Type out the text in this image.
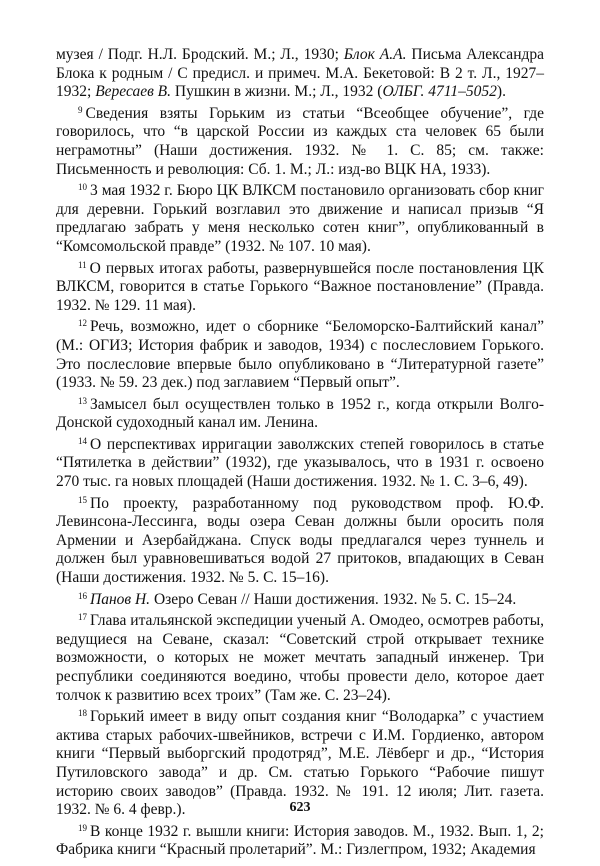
музея / Подг. Н.Л. Бродский. М.; Л., 1930; Блок А.А. Письма Александра Блока к родным / С предисл. и примеч. М.А. Бекетовой: В 2 т. Л., 1927–1932; Вересаев В. Пушкин в жизни. М.; Л., 1932 (ОЛБГ. 4711–5052).

$^9$ Сведения взяты Горьким из статьи “Всеобщее обучение”, где говорилось, что “в царской России из каждых ста человек 65 были неграмотны” (Наши достижения. 1932. № 1. С. 85; см. также: Письменность и революция: Сб. 1. М.; Л.: изд-во ВЦК НА, 1933).

$^{10}$ 3 мая 1932 г. Бюро ЦК ВЛКСМ постановило организовать сбор книг для деревни. Горький возглавил это движение и написал призыв “Я предлагаю забрать у меня несколько сотен книг”, опубликованный в “Комсомольской правде” (1932. № 107. 10 мая).

$^{11}$ О первых итогах работы, развернувшейся после постановления ЦК ВЛКСМ, говорится в статье Горького “Важное постановление” (Правда. 1932. № 129. 11 мая).

$^{12}$ Речь, возможно, идет о сборнике “Беломорско-Балтийский канал” (М.: ОГИЗ; История фабрик и заводов, 1934) с послесловием Горького. Это послесловие впервые было опубликовано в “Литературной газете” (1933. № 59. 23 дек.) под заглавием “Первый опыт”.

$^{13}$ Замысел был осуществлен только в 1952 г., когда открыли Волго-Донской судоходный канал им. Ленина.

$^{14}$ О перспективах ирригации заволжских степей говорилось в статье “Пятилетка в действии” (1932), где указывалось, что в 1931 г. освоено 270 тыс. га новых площадей (Наши достижения. 1932. № 1. С. 3–6, 49).

$^{15}$ По проекту, разработанному под руководством проф. Ю.Ф. Левинсона-Лессинга, воды озера Севан должны были оросить поля Армении и Азербайджана. Спуск воды предлагался через туннель и должен был уравновешиваться водой 27 притоков, впадающих в Севан (Наши достижения. 1932. № 5. С. 15–16).

$^{16}$ Панов Н. Озеро Севан // Наши достижения. 1932. № 5. С. 15–24.

$^{17}$ Глава итальянской экспедиции ученый А. Омодео, осмотрев работы, ведущиеся на Севане, сказал: “Советский строй открывает технике возможности, о которых не может мечтать западный инженер. Три республики соединяются воедино, чтобы провести дело, которое дает толчок к развитию всех троих” (Там же. С. 23–24).

$^{18}$ Горький имеет в виду опыт создания книг “Володарка” с участием актива старых рабочих-швейников, встречи с И.М. Гордиенко, автором книги “Первый выборгский продотряд”, М.Е. Лёвберг и др., “История Путиловского завода” и др. См. статью Горького “Рабочие пишут историю своих заводов” (Правда. 1932. № 191. 12 июля; Лит. газета. 1932. № 6. 4 февр.).

$^{19}$ В конце 1932 г. вышли книги: История заводов. М., 1932. Вып. 1, 2; Фабрика книги “Красный пролетарий”. М.: Гизлегпром, 1932; Академия

623
